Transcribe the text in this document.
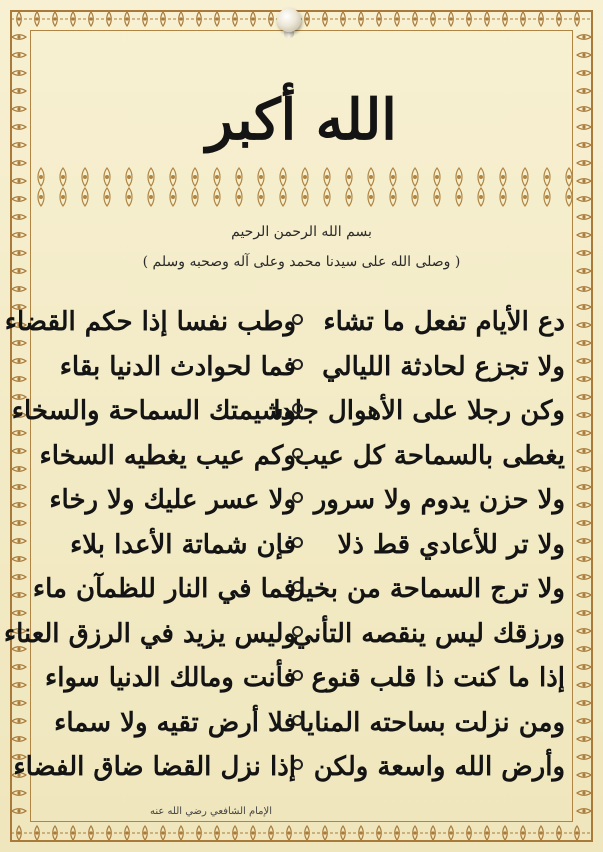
الله أكبر
بسم الله الرحمن الرحيم
( وصلى الله على سيدنا محمد وعلى آله وصحبه وسلم )
دع الأيام تفعل ما تشاء
وطب نفسا إذا حكم القضاء
ولا تجزع لحادثة الليالي
فما لحوادث الدنيا بقاء
وكن رجلا على الأهوال جلدا
وشيمتك السماحة والسخاء
يغطى بالسماحة كل عيب
وكم عيب يغطيه السخاء
ولا حزن يدوم ولا سرور
ولا عسر عليك ولا رخاء
ولا تر للأعادي قط ذلا
فإن شماتة الأعدا بلاء
ولا ترج السماحة من بخيل
فما في النار للظمآن ماء
ورزقك ليس ينقصه التأني
وليس يزيد في الرزق العناء
إذا ما كنت ذا قلب قنوع
فأنت ومالك الدنيا سواء
ومن نزلت بساحته المنايا
فلا أرض تقيه ولا سماء
وأرض الله واسعة ولكن
إذا نزل القضا ضاق الفضاء
الإمام الشافعي رضي الله عنه
